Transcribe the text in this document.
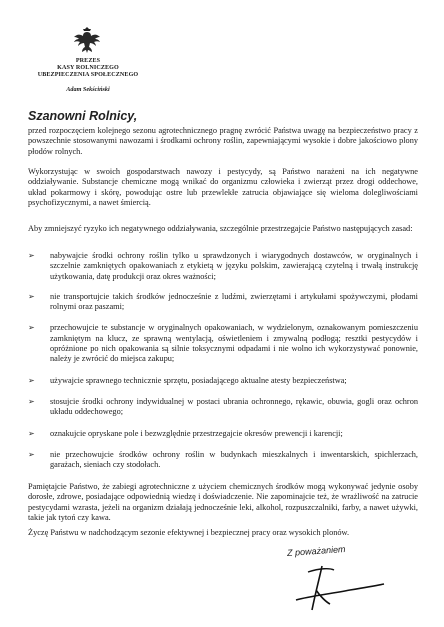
PREZES
KASY ROLNICZEGO
UBEZPIECZENIA SPOŁECZNEGO
Adam Sekściński
Szanowni Rolnicy,

przed rozpoczęciem kolejnego sezonu agrotechnicznego pragnę zwrócić Państwa uwagę na bezpieczeństwo pracy z powszechnie stosowanymi nawozami i środkami ochrony roślin, zapewniającymi wysokie i dobre jakościowo plony płodów rolnych.

Wykorzystując w swoich gospodarstwach nawozy i pestycydy, są Państwo narażeni na ich negatywne oddziaływanie. Substancje chemiczne mogą wnikać do organizmu człowieka i zwierząt przez drogi oddechowe, układ pokarmowy i skórę, powodując ostre lub przewlekłe zatrucia objawiające się wieloma dolegliwościami psychofizycznymi, a nawet śmiercią.

Aby zmniejszyć ryzyko ich negatywnego oddziaływania, szczególnie przestrzegajcie Państwo następujących zasad:

➢ nabywajcie środki ochrony roślin tylko u sprawdzonych i wiarygodnych dostawców, w oryginalnych i szczelnie zamkniętych opakowaniach z etykietą w języku polskim, zawierającą czytelną i trwałą instrukcję użytkowania, datę produkcji oraz okres ważności;
➢ nie transportujcie takich środków jednocześnie z ludźmi, zwierzętami i artykułami spożywczymi, płodami rolnymi oraz paszami;
➢ przechowujcie te substancje w oryginalnych opakowaniach, w wydzielonym, oznakowanym pomieszczeniu zamkniętym na klucz, ze sprawną wentylacją, oświetleniem i zmywalną podłogą; resztki pestycydów i opróżnione po nich opakowania są silnie toksycznymi odpadami i nie wolno ich wykorzystywać ponownie, należy je zwrócić do miejsca zakupu;
➢ używajcie sprawnego technicznie sprzętu, posiadającego aktualne atesty bezpieczeństwa;
➢ stosujcie środki ochrony indywidualnej w postaci ubrania ochronnego, rękawic, obuwia, gogli oraz ochron układu oddechowego;
➢ oznakujcie opryskane pole i bezwzględnie przestrzegajcie okresów prewencji i karencji;
➢ nie przechowujcie środków ochrony roślin w budynkach mieszkalnych i inwentarskich, spichlerzach, garażach, sieniach czy stodołach.

Pamiętajcie Państwo, że zabiegi agrotechniczne z użyciem chemicznych środków mogą wykonywać jedynie osoby dorosłe, zdrowe, posiadające odpowiednią wiedzę i doświadczenie. Nie zapominajcie też, że wrażliwość na zatrucie pestycydami wzrasta, jeżeli na organizm działają jednocześnie leki, alkohol, rozpuszczalniki, farby, a nawet używki, takie jak tytoń czy kawa.

Życzę Państwu w nadchodzącym sezonie efektywnej i bezpiecznej pracy oraz wysokich plonów.

Z poważaniem
